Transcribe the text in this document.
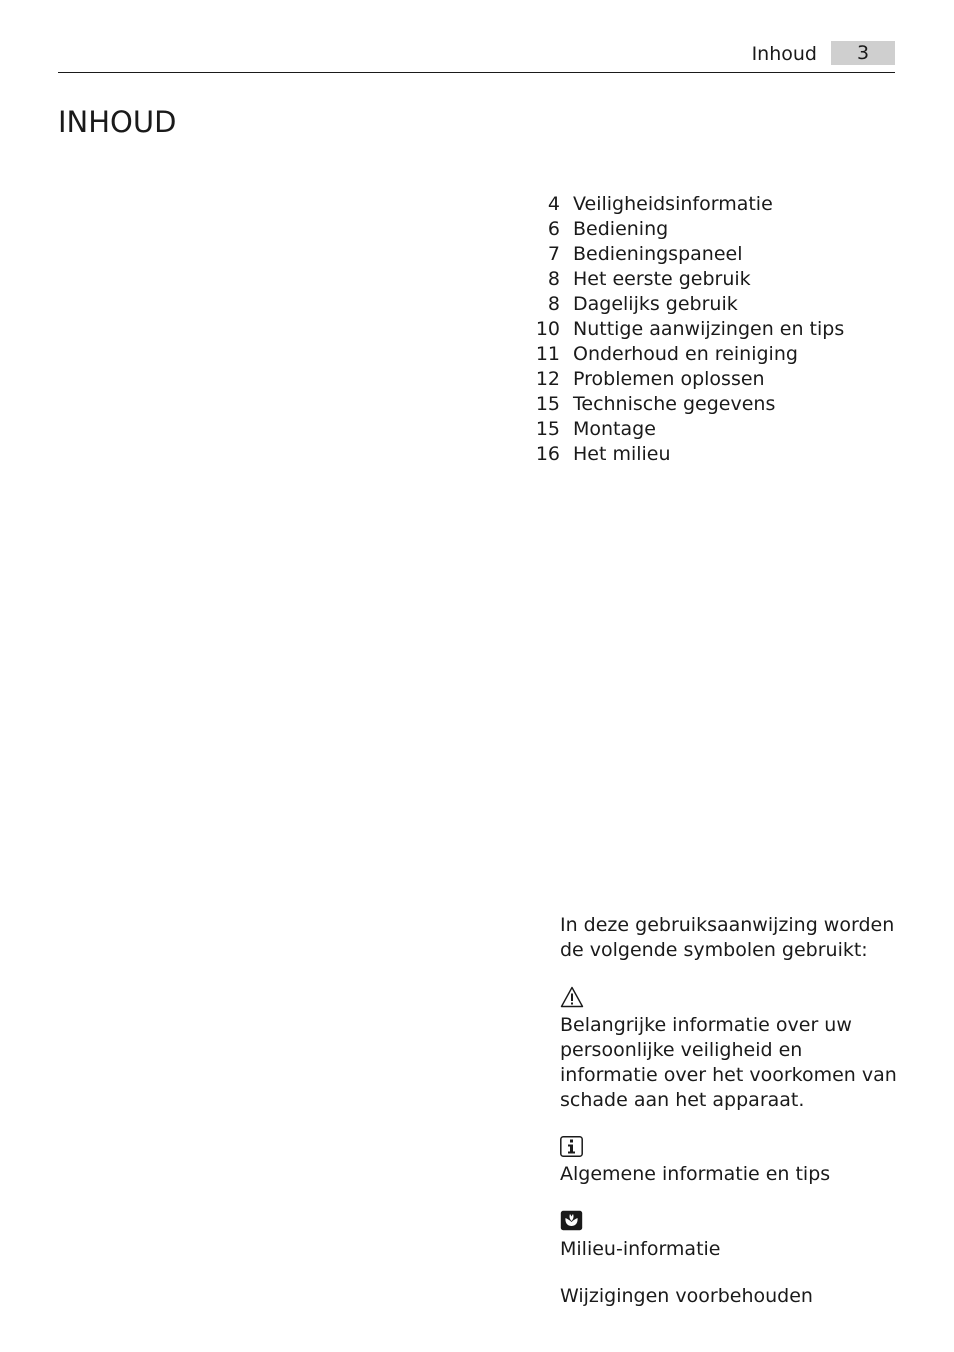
Inhoud	3
INHOUD
4 Veiligheidsinformatie
6 Bediening
7 Bedieningspaneel
8 Het eerste gebruik
8 Dagelijks gebruik
10 Nuttige aanwijzingen en tips
11 Onderhoud en reiniging
12 Problemen oplossen
15 Technische gegevens
15 Montage
16 Het milieu

In deze gebruiksaanwijzing worden de volgende symbolen gebruikt:

Belangrijke informatie over uw persoonlijke veiligheid en informatie over het voorkomen van schade aan het apparaat.

Algemene informatie en tips

Milieu-informatie

Wijzigingen voorbehouden
